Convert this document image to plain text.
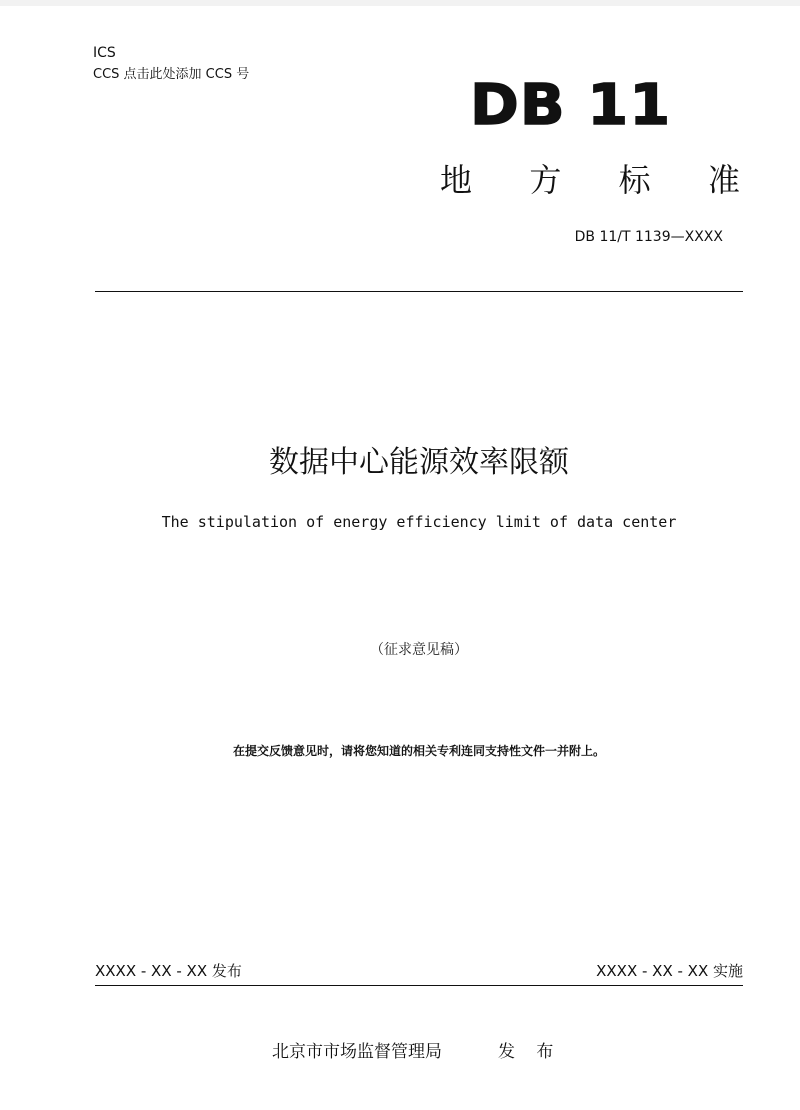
ICS
CCS 点击此处添加 CCS 号	DB 11
地 方 标 准
DB 11/T 1139—XXXX
数据中心能源效率限额
The stipulation of energy efficiency limit of data center
（征求意见稿）
在提交反馈意见时，请将您知道的相关专利连同支持性文件一并附上。
XXXX - XX - XX 发布	XXXX - XX - XX 实施
北京市市场监督管理局	发 布
